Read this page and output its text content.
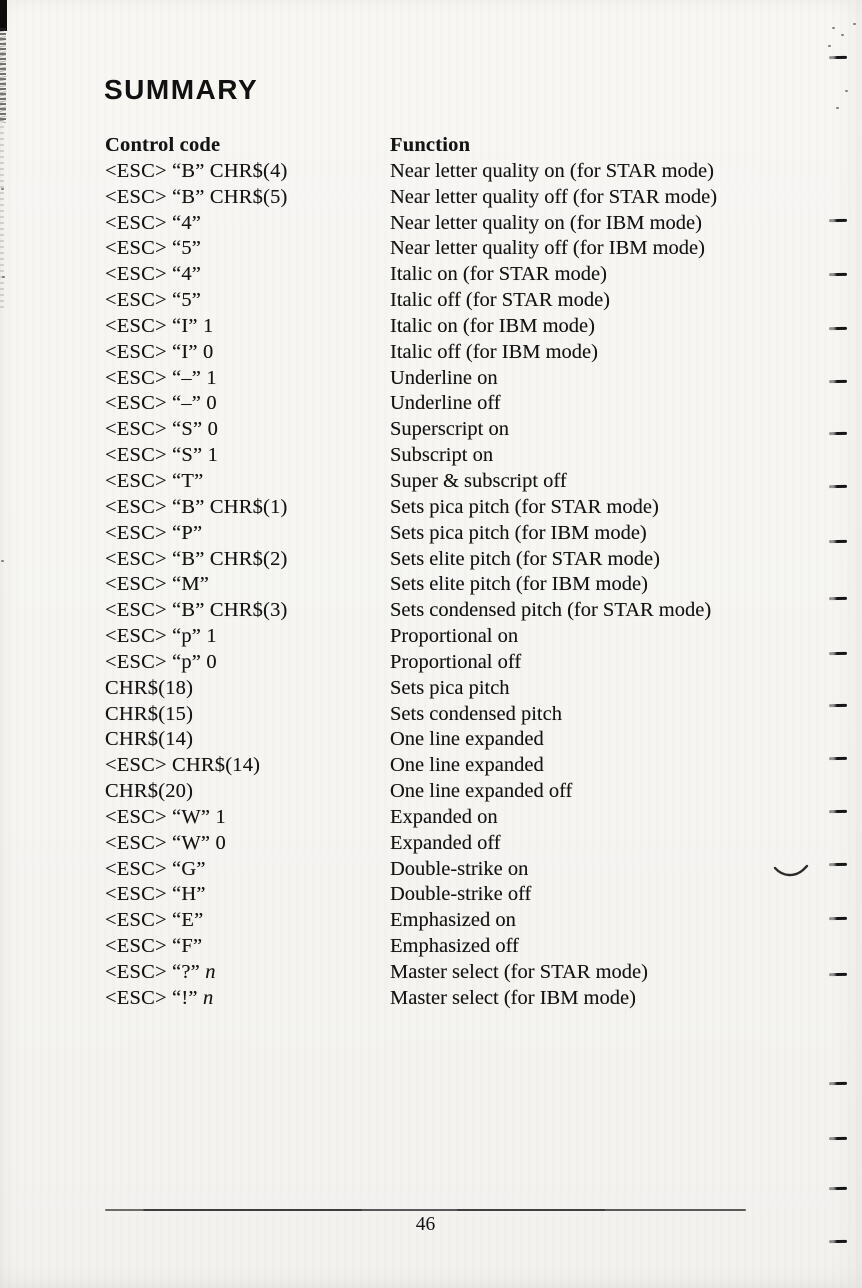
SUMMARY
Control code	Function
<ESC> “B” CHR$(4)	Near letter quality on (for STAR mode)
<ESC> “B” CHR$(5)	Near letter quality off (for STAR mode)
<ESC> “4”	Near letter quality on (for IBM mode)
<ESC> “5”	Near letter quality off (for IBM mode)
<ESC> “4”	Italic on (for STAR mode)
<ESC> “5”	Italic off (for STAR mode)
<ESC> “I” 1	Italic on (for IBM mode)
<ESC> “I” 0	Italic off (for IBM mode)
<ESC> “–” 1	Underline on
<ESC> “–” 0	Underline off
<ESC> “S” 0	Superscript on
<ESC> “S” 1	Subscript on
<ESC> “T”	Super & subscript off
<ESC> “B” CHR$(1)	Sets pica pitch (for STAR mode)
<ESC> “P”	Sets pica pitch (for IBM mode)
<ESC> “B” CHR$(2)	Sets elite pitch (for STAR mode)
<ESC> “M”	Sets elite pitch (for IBM mode)
<ESC> “B” CHR$(3)	Sets condensed pitch (for STAR mode)
<ESC> “p” 1	Proportional on
<ESC> “p” 0	Proportional off
CHR$(18)	Sets pica pitch
CHR$(15)	Sets condensed pitch
CHR$(14)	One line expanded
<ESC> CHR$(14)	One line expanded
CHR$(20)	One line expanded off
<ESC> “W” 1	Expanded on
<ESC> “W” 0	Expanded off
<ESC> “G”	Double-strike on
<ESC> “H”	Double-strike off
<ESC> “E”	Emphasized on
<ESC> “F”	Emphasized off
<ESC> “?” n	Master select (for STAR mode)
<ESC> “!” n	Master select (for IBM mode)
46
